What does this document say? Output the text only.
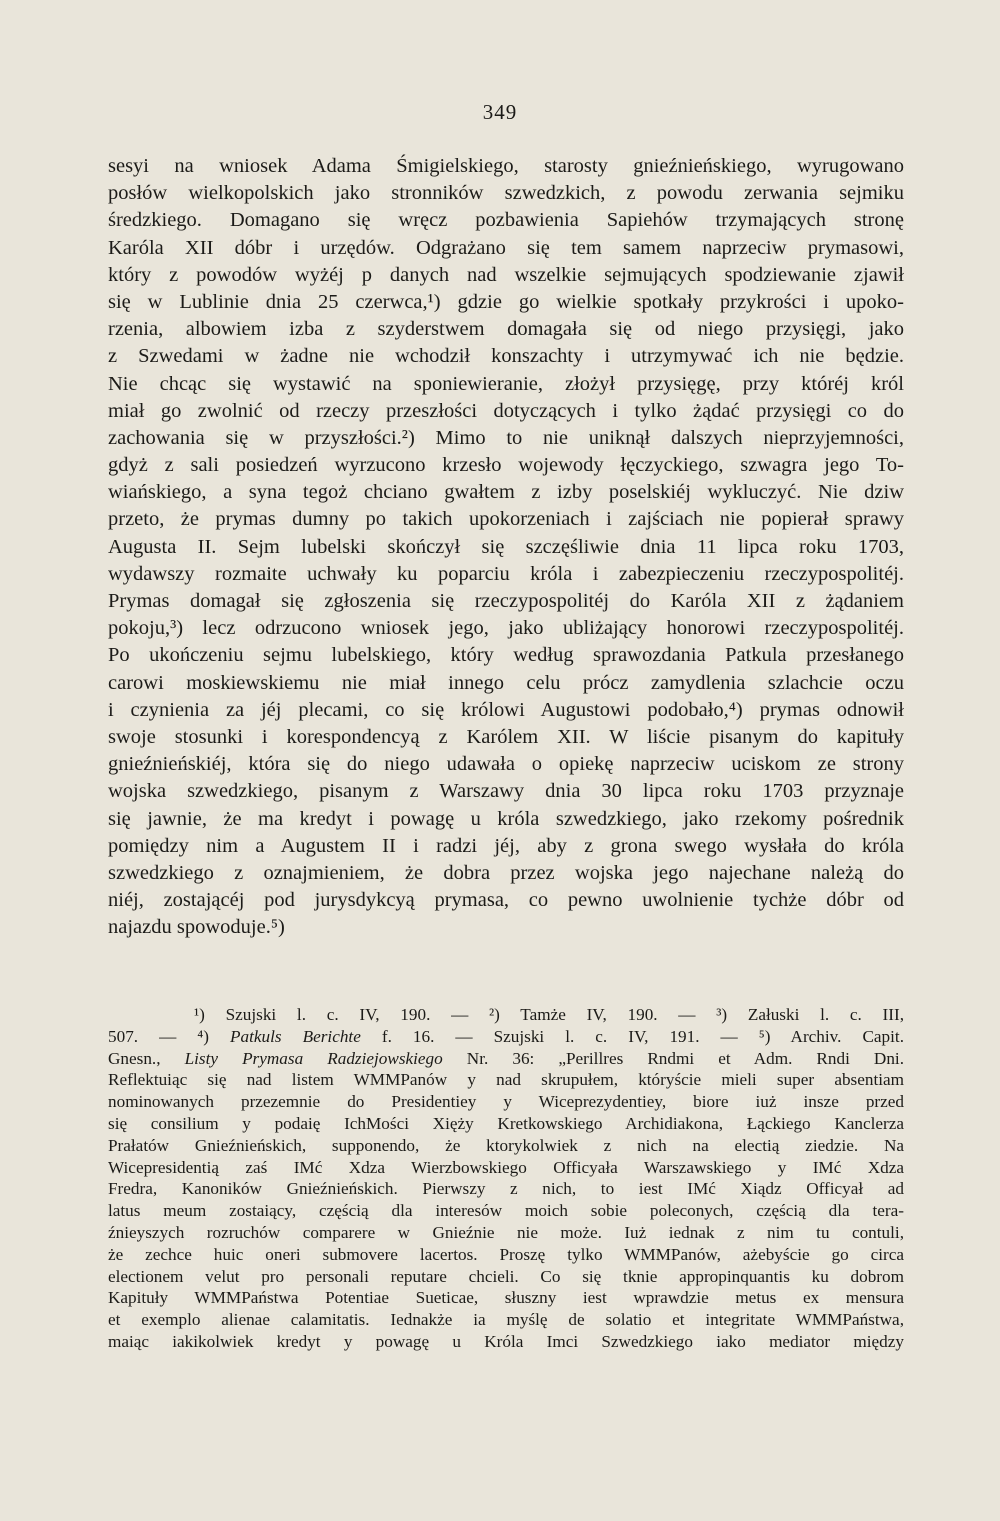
349
sesyi na wniosek Adama Śmigielskiego, starosty gnieźnieńskiego, wyrugowano
posłów wielkopolskich jako stronników szwedzkich, z powodu zerwania sejmiku
średzkiego. Domagano się wręcz pozbawienia Sapiehów trzymających stronę
Karóla XII dóbr i urzędów. Odgrażano się tem samem naprzeciw prymasowi,
który z powodów wyżéj p danych nad wszelkie sejmujących spodziewanie zjawił
się w Lublinie dnia 25 czerwca,¹) gdzie go wielkie spotkały przykrości i upoko-
rzenia, albowiem izba z szyderstwem domagała się od niego przysięgi, jako
z Szwedami w żadne nie wchodził konszachty i utrzymywać ich nie będzie.
Nie chcąc się wystawić na sponiewieranie, złożył przysięgę, przy któréj król
miał go zwolnić od rzeczy przeszłości dotyczących i tylko żądać przysięgi co do
zachowania się w przyszłości.²) Mimo to nie uniknął dalszych nieprzyjemności,
gdyż z sali posiedzeń wyrzucono krzesło wojewody łęczyckiego, szwagra jego To-
wiańskiego, a syna tegoż chciano gwałtem z izby poselskiéj wykluczyć. Nie dziw
przeto, że prymas dumny po takich upokorzeniach i zajściach nie popierał sprawy
Augusta II. Sejm lubelski skończył się szczęśliwie dnia 11 lipca roku 1703,
wydawszy rozmaite uchwały ku poparciu króla i zabezpieczeniu rzeczypospolitéj.
Prymas domagał się zgłoszenia się rzeczypospolitéj do Karóla XII z żądaniem
pokoju,³) lecz odrzucono wniosek jego, jako ubliżający honorowi rzeczypospolitéj.
Po ukończeniu sejmu lubelskiego, który według sprawozdania Patkula przesłanego
carowi moskiewskiemu nie miał innego celu prócz zamydlenia szlachcie oczu
i czynienia za jéj plecami, co się królowi Augustowi podobało,⁴) prymas odnowił
swoje stosunki i korespondencyą z Karólem XII. W liście pisanym do kapituły
gnieźnieńskiéj, która się do niego udawała o opiekę naprzeciw uciskom ze strony
wojska szwedzkiego, pisanym z Warszawy dnia 30 lipca roku 1703 przyznaje
się jawnie, że ma kredyt i powagę u króla szwedzkiego, jako rzekomy pośrednik
pomiędzy nim a Augustem II i radzi jéj, aby z grona swego wysłała do króla
szwedzkiego z oznajmieniem, że dobra przez wojska jego najechane należą do
niéj, zostającéj pod jurysdykcyą prymasa, co pewno uwolnienie tychże dóbr od
najazdu spowoduje.⁵)
¹) Szujski l. c. IV, 190. — ²) Tamże IV, 190. — ³) Załuski l. c. III,
507. — ⁴) Patkuls Berichte f. 16. — Szujski l. c. IV, 191. — ⁵) Archiv. Capit.
Gnesn., Listy Prymasa Radziejowskiego Nr. 36: „Perillres Rndmi et Adm. Rndi Dni.
Reflektuiąc się nad listem WMMPanów y nad skrupułem, któryście mieli super absentiam
nominowanych przezemnie do Presidentiey y Wiceprezydentiey, biore iuż insze przed
się consilium y podaię IchMości Xięży Kretkowskiego Archidiakona, Łąckiego Kanclerza
Prałatów Gnieźnieńskich, supponendo, że ktorykolwiek z nich na electią ziedzie. Na
Wicepresidentią zaś IMć Xdza Wierzbowskiego Officyała Warszawskiego y IMć Xdza
Fredra, Kanoników Gnieźnieńskich. Pierwszy z nich, to iest IMć Xiądz Officyał ad
latus meum zostaiący, częścią dla interesów moich sobie poleconych, częścią dla tera-
źnieyszych rozruchów comparere w Gnieźnie nie może. Iuż iednak z nim tu contuli,
że zechce huic oneri submovere lacertos. Proszę tylko WMMPanów, ażebyście go circa
electionem velut pro personali reputare chcieli. Co się tknie appropinquantis ku dobrom
Kapituły WMMPaństwa Potentiae Sueticae, słuszny iest wprawdzie metus ex mensura
et exemplo alienae calamitatis. Iednakże ia myślę de solatio et integritate WMMPaństwa,
maiąc iakikolwiek kredyt y powagę u Króla Imci Szwedzkiego iako mediator między
